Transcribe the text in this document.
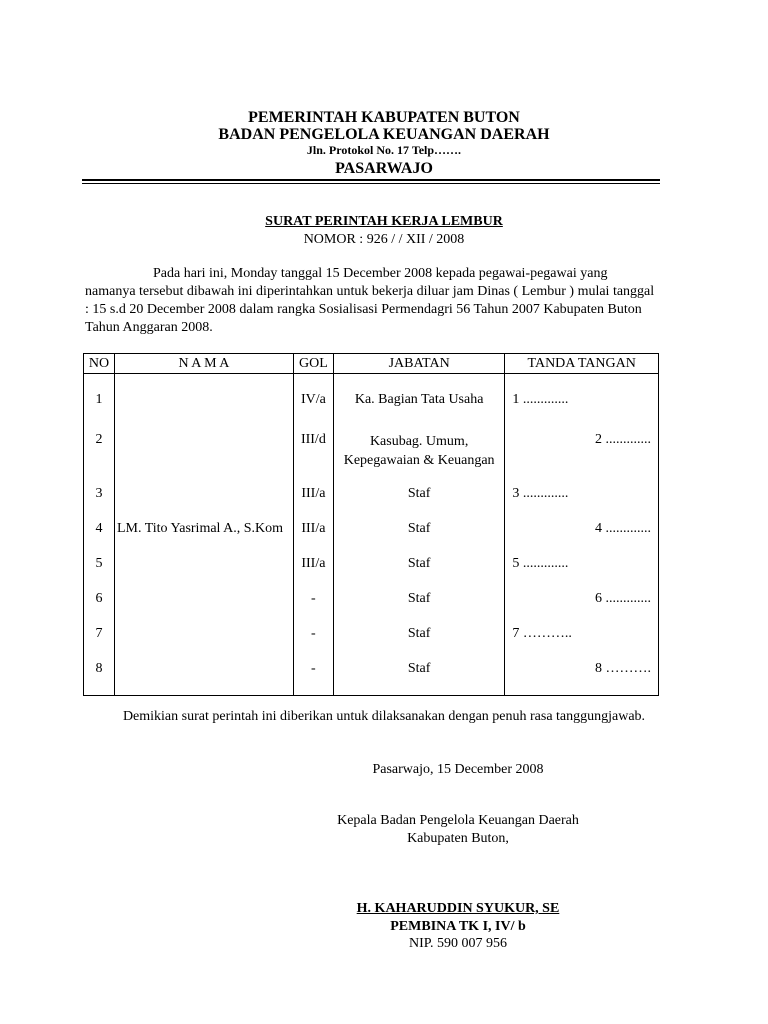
PEMERINTAH KABUPATEN BUTON
BADAN PENGELOLA KEUANGAN DAERAH
Jln. Protokol No. 17 Telp…….
PASARWAJO
SURAT PERINTAH KERJA LEMBUR
NOMOR : 926 / / XII / 2008
Pada hari ini, Monday tanggal 15 December 2008 kepada pegawai-pegawai yang
namanya tersebut dibawah ini diperintahkan untuk bekerja diluar jam Dinas ( Lembur ) mulai tanggal
: 15 s.d 20 December 2008 dalam rangka Sosialisasi Permendagri 56 Tahun 2007 Kabupaten Buton
Tahun Anggaran 2008.
NO	N A M A	GOL	JABATAN	TANDA TANGAN
1		IV/a	Ka. Bagian Tata Usaha	1 .............
2		III/d	Kasubag. Umum,
Kepegawaian & Keuangan	2 .............
3		III/a	Staf	3 .............
4	LM. Tito Yasrimal A., S.Kom	III/a	Staf	4 .............
5		III/a	Staf	5 .............
6		-	Staf	6 .............
7		-	Staf	7 ………..
8		-	Staf	8 ……….
Demikian surat perintah ini diberikan untuk dilaksanakan dengan penuh rasa tanggungjawab.
Pasarwajo, 15 December 2008
Kepala Badan Pengelola Keuangan Daerah
Kabupaten Buton,
H. KAHARUDDIN SYUKUR, SE
PEMBINA TK I, IV/ b
NIP. 590 007 956
